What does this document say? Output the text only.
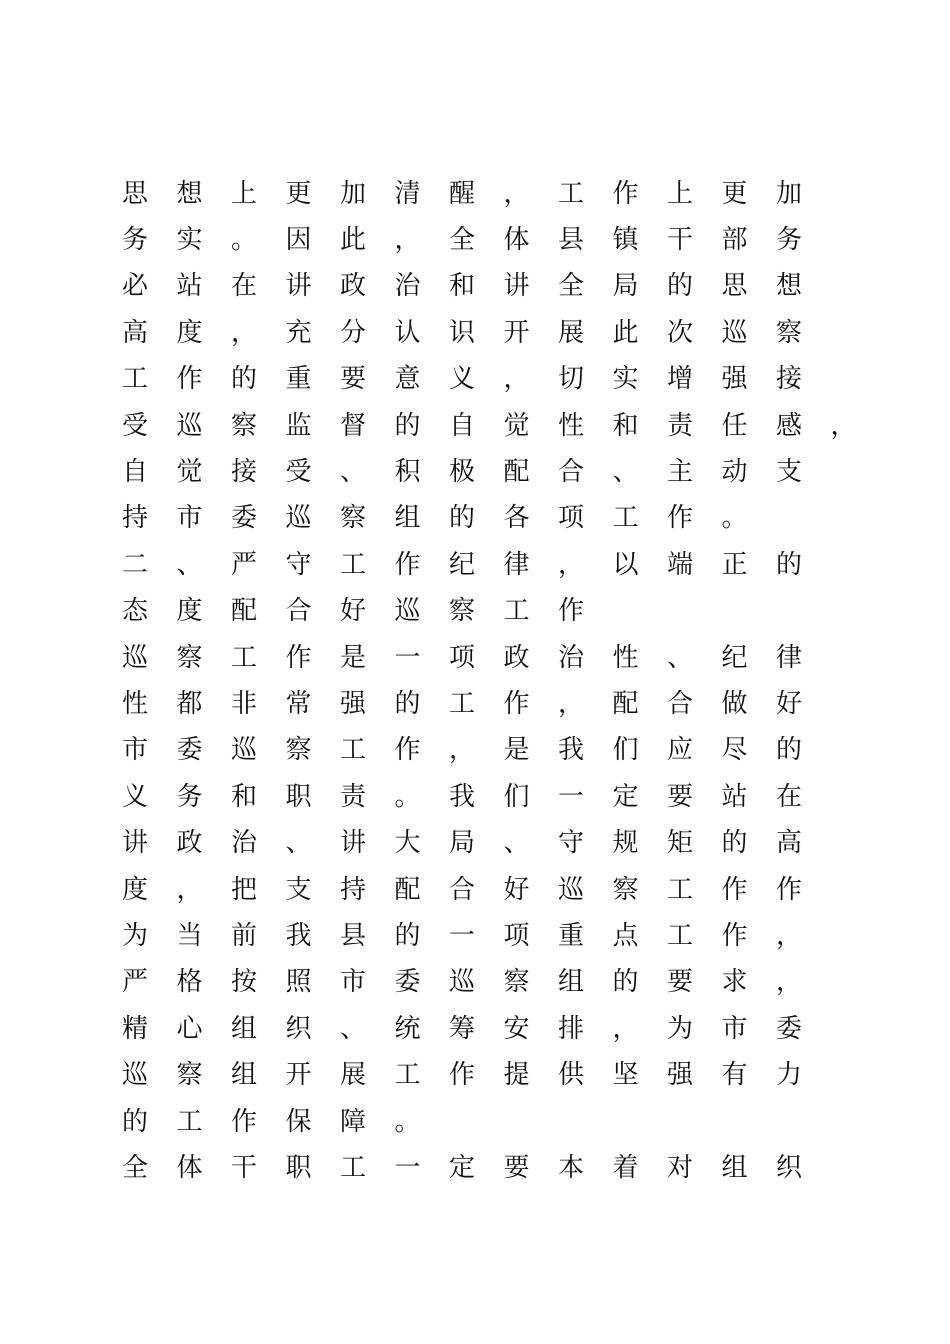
思	想	上	更	加	清	醒	，	工	作	上	更	加
务	实	。	因	此	，	全	体	县	镇	干	部	务
必	站	在	讲	政	治	和	讲	全	局	的	思	想
高	度	，	充	分	认	识	开	展	此	次	巡	察
工	作	的	重	要	意	义	，	切	实	增	强	接
受	巡	察	监	督	的	自	觉	性	和	责	任	感	，
自	觉	接	受	、	积	极	配	合	、	主	动	支
持	市	委	巡	察	组	的	各	项	工	作	。
二	、	严	守	工	作	纪	律	，	以	端	正	的
态	度	配	合	好	巡	察	工	作
巡	察	工	作	是	一	项	政	治	性	、	纪	律
性	都	非	常	强	的	工	作	，	配	合	做	好
市	委	巡	察	工	作	，	是	我	们	应	尽	的
义	务	和	职	责	。	我	们	一	定	要	站	在
讲	政	治	、	讲	大	局	、	守	规	矩	的	高
度	，	把	支	持	配	合	好	巡	察	工	作	作
为	当	前	我	县	的	一	项	重	点	工	作	，
严	格	按	照	市	委	巡	察	组	的	要	求	，
精	心	组	织	、	统	筹	安	排	，	为	市	委
巡	察	组	开	展	工	作	提	供	坚	强	有	力
的	工	作	保	障	。
全	体	干	职	工	一	定	要	本	着	对	组	织
